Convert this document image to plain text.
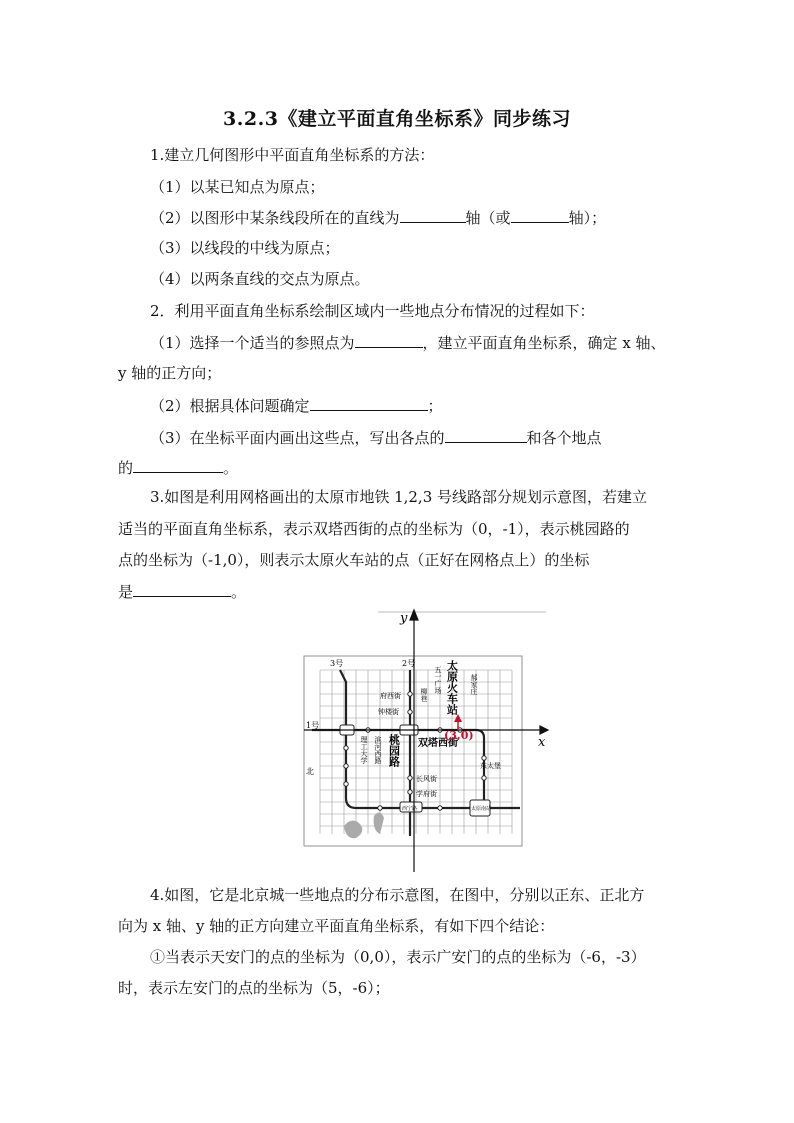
3.2.3《建立平面直角坐标系》同步练习
1.建立几何图形中平面直角坐标系的方法：
（1）以某已知点为原点；
（2）以图形中某条线段所在的直线为	轴（或	轴）；
（3）以线段的中线为原点；
（4）以两条直线的交点为原点。
2．利用平面直角坐标系绘制区域内一些地点分布情况的过程如下：
（1）选择一个适当的参照点为	，建立平面直角坐标系，确定 x 轴、
y 轴的正方向；
（2）根据具体问题确定	；
（3）在坐标平面内画出这些点，写出各点的	和各个地点
的	。
3.如图是利用网格画出的太原市地铁 1,2,3 号线路部分规划示意图，若建立
适当的平面直角坐标系，表示双塔西街的点的坐标为（0，-1），表示桃园路的
点的坐标为（-1,0），则表示太原火车站的点（正好在网格点上）的坐标
是	。
y
x
3号	2号
1号
北
府西街
钟楼街
柳巷
五一广场 太原火车站 郝家庄
理工大学 滨河西路 桃园路 双塔西街
东太堡
长风街
学府街
西宁路	太原南站
(3,0)
4.如图，它是北京城一些地点的分布示意图，在图中，分别以正东、正北方
向为 x 轴、y 轴的正方向建立平面直角坐标系，有如下四个结论：
①当表示天安门的点的坐标为（0,0），表示广安门的点的坐标为（-6，-3）
时，表示左安门的点的坐标为（5，-6）；
